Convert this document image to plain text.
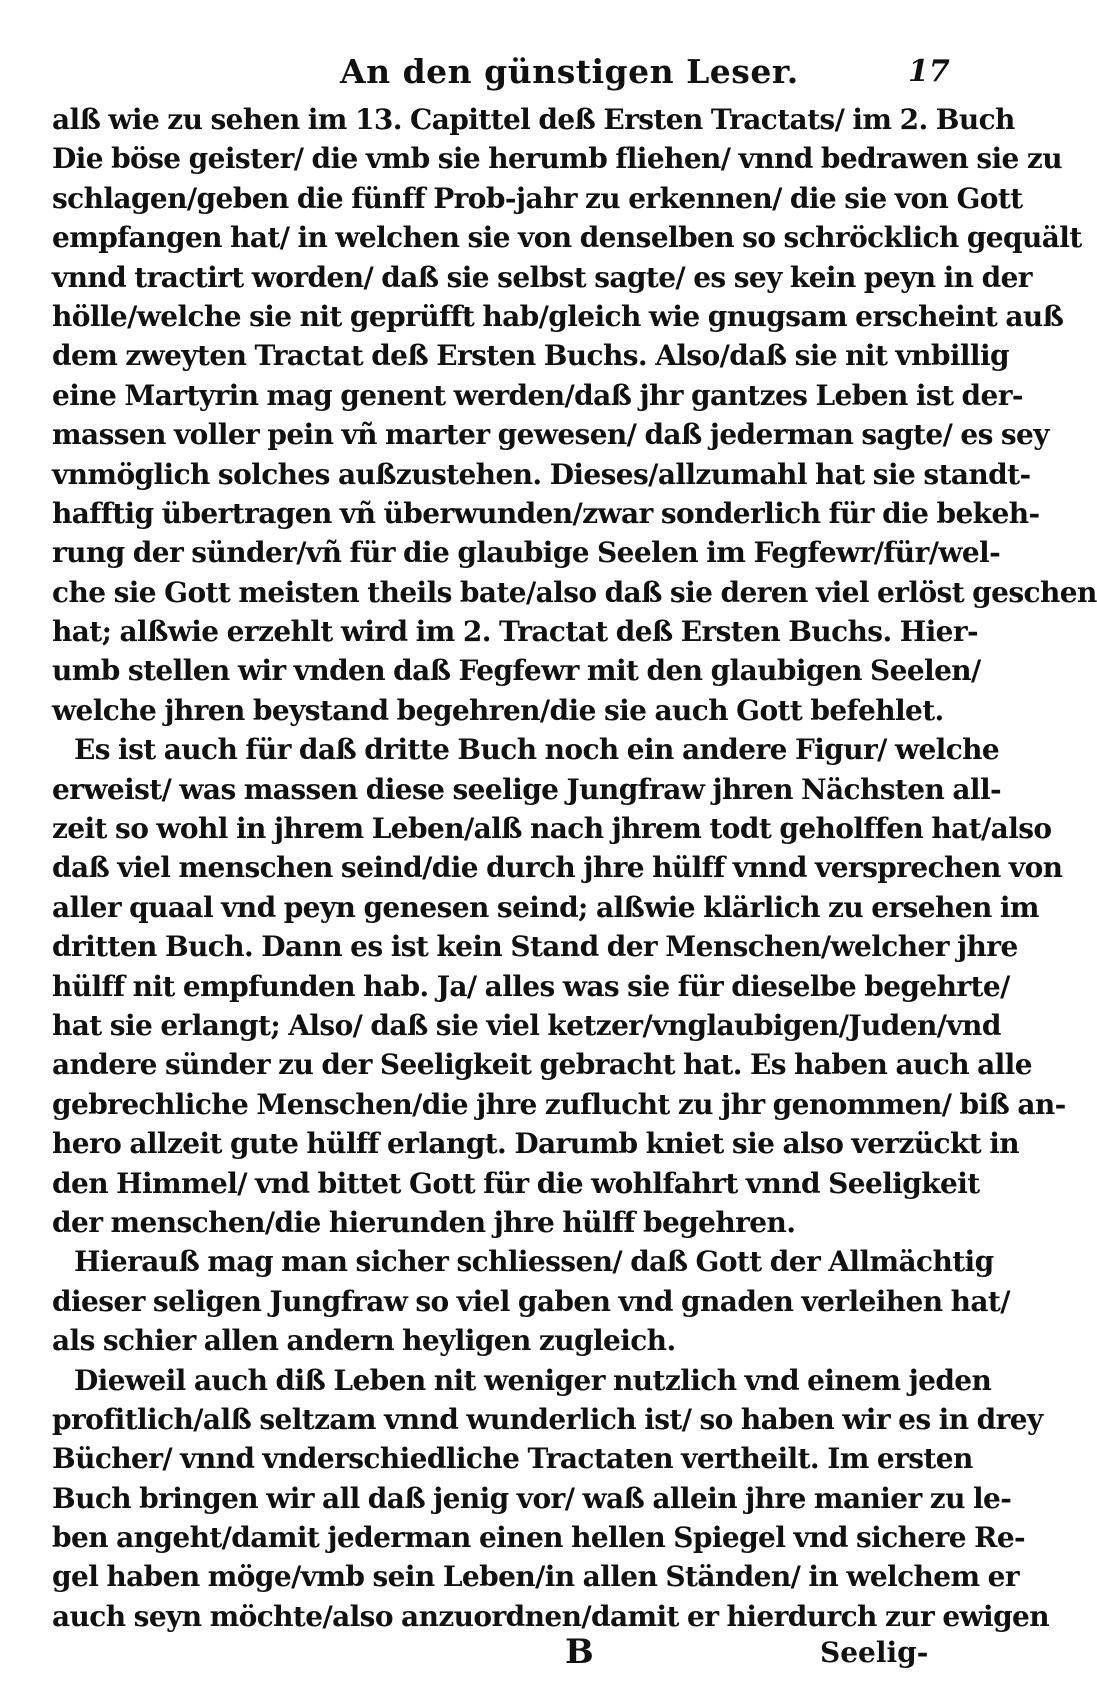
An den günstigen Leser.	17
alß wie zu sehen im 13. Capittel deß Ersten Tractats/ im 2. Buch
Die böse geister/ die vmb sie herumb fliehen/ vnnd bedrawen sie zu
schlagen/geben die fünff Prob-jahr zu erkennen/ die sie von Gott
empfangen hat/ in welchen sie von denselben so schröcklich gequält
vnnd tractirt worden/ daß sie selbst sagte/ es sey kein peyn in der
hölle/welche sie nit geprüfft hab/gleich wie gnugsam erscheint auß
dem zweyten Tractat deß Ersten Buchs. Also/daß sie nit vnbillig
eine Martyrin mag genent werden/daß jhr gantzes Leben ist der-
massen voller pein vñ marter gewesen/ daß jederman sagte/ es sey
vnmöglich solches außzustehen. Dieses/allzumahl hat sie standt-
hafftig übertragen vñ überwunden/zwar sonderlich für die bekeh-
rung der sünder/vñ für die glaubige Seelen im Fegfewr/für/wel-
che sie Gott meisten theils bate/also daß sie deren viel erlöst geschen
hat; alßwie erzehlt wird im 2. Tractat deß Ersten Buchs. Hier-
umb stellen wir vnden daß Fegfewr mit den glaubigen Seelen/
welche jhren beystand begehren/die sie auch Gott befehlet.
Es ist auch für daß dritte Buch noch ein andere Figur/ welche
erweist/ was massen diese seelige Jungfraw jhren Nächsten all-
zeit so wohl in jhrem Leben/alß nach jhrem todt geholffen hat/also
daß viel menschen seind/die durch jhre hülff vnnd versprechen von
aller quaal vnd peyn genesen seind; alßwie klärlich zu ersehen im
dritten Buch. Dann es ist kein Stand der Menschen/welcher jhre
hülff nit empfunden hab. Ja/ alles was sie für dieselbe begehrte/
hat sie erlangt; Also/ daß sie viel ketzer/vnglaubigen/Juden/vnd
andere sünder zu der Seeligkeit gebracht hat. Es haben auch alle
gebrechliche Menschen/die jhre zuflucht zu jhr genommen/ biß an-
hero allzeit gute hülff erlangt. Darumb kniet sie also verzückt in
den Himmel/ vnd bittet Gott für die wohlfahrt vnnd Seeligkeit
der menschen/die hierunden jhre hülff begehren.
Hierauß mag man sicher schliessen/ daß Gott der Allmächtig
dieser seligen Jungfraw so viel gaben vnd gnaden verleihen hat/
als schier allen andern heyligen zugleich.
Dieweil auch diß Leben nit weniger nutzlich vnd einem jeden
profitlich/alß seltzam vnnd wunderlich ist/ so haben wir es in drey
Bücher/ vnnd vnderschiedliche Tractaten vertheilt. Im ersten
Buch bringen wir all daß jenig vor/ waß allein jhre manier zu le-
ben angeht/damit jederman einen hellen Spiegel vnd sichere Re-
gel haben möge/vmb sein Leben/in allen Ständen/ in welchem er
auch seyn möchte/also anzuordnen/damit er hierdurch zur ewigen
B	Seelig-
